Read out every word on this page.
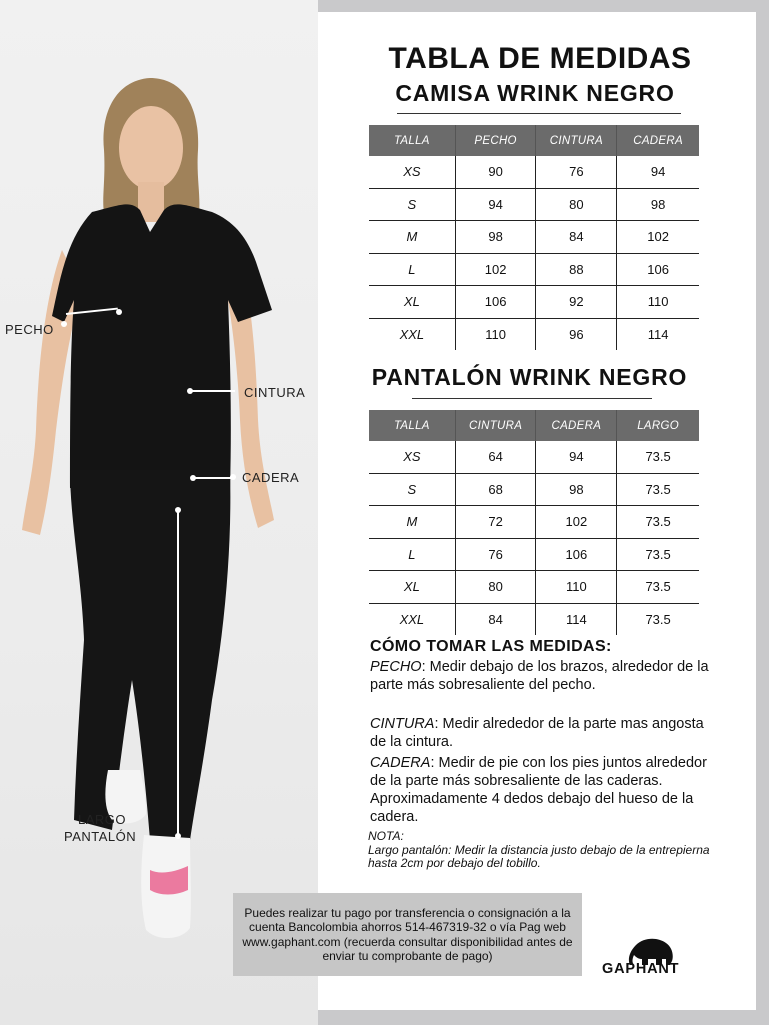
PECHO
CINTURA
CADERA
LARGO
PANTALÓN
TABLA DE MEDIDAS
CAMISA WRINK NEGRO
TALLA	PECHO	CINTURA	CADERA
XS	90	76	94
S	94	80	98
M	98	84	102
L	102	88	106
XL	106	92	110
XXL	110	96	114
PANTALÓN WRINK NEGRO
TALLA	CINTURA	CADERA	LARGO
XS	64	94	73.5
S	68	98	73.5
M	72	102	73.5
L	76	106	73.5
XL	80	110	73.5
XXL	84	114	73.5
CÓMO TOMAR LAS MEDIDAS:
PECHO: Medir debajo de los brazos, alrededor de la parte más sobresaliente del pecho.
CINTURA: Medir alrededor de la parte mas angosta de la cintura.
CADERA: Medir de pie con los pies juntos alrededor de la parte más sobresaliente de las caderas. Aproximadamente 4 dedos debajo del hueso de la cadera.
NOTA:
Largo pantalón: Medir la distancia justo debajo de la entrepierna hasta 2cm por debajo del tobillo.
Puedes realizar tu pago por transferencia o consignación a la cuenta Bancolombia ahorros 514-467319-32 o vía Pag web www.gaphant.com (recuerda consultar disponibilidad antes de enviar tu comprobante de pago)
GAPHANT
